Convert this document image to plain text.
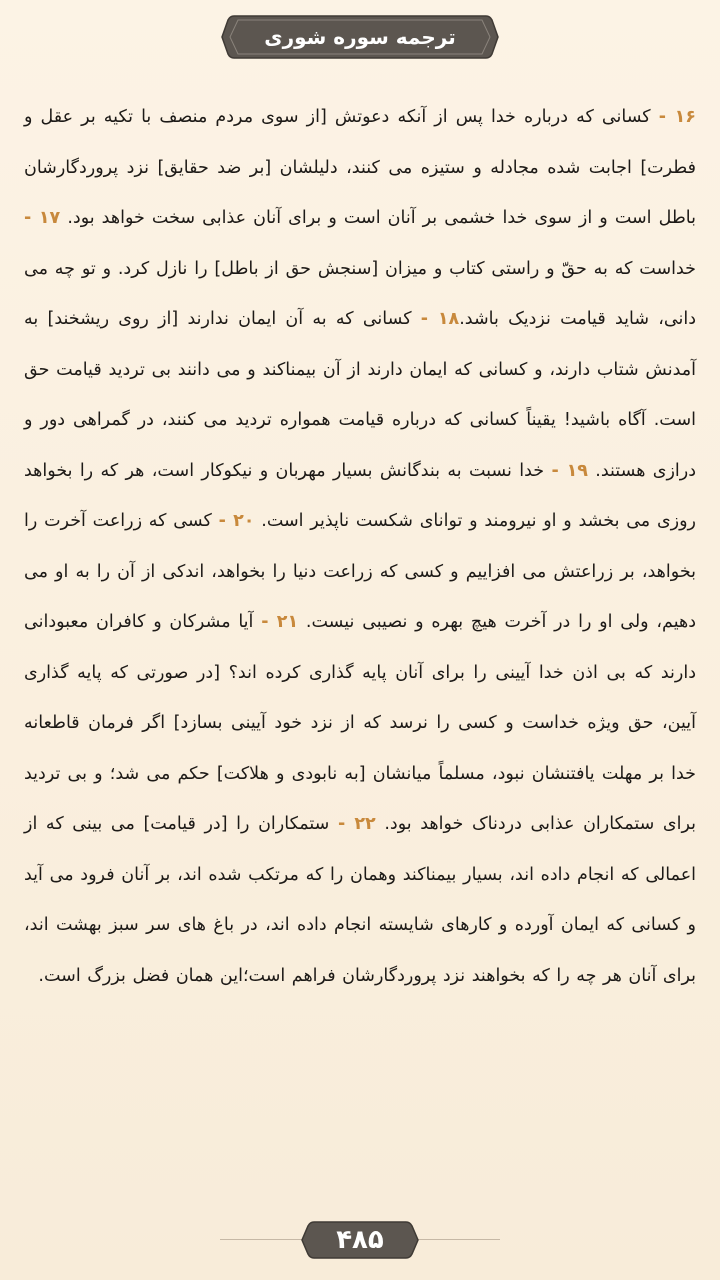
ترجمه سوره شوری
۱۶ - کسانی که درباره خدا پس از آنکه دعوتش [از سوی مردم منصف با تکیه بر عقل و فطرت] اجابت شده مجادله و ستیزه می کنند، دلیلشان [بر ضد حقایق] نزد پروردگارشان باطل است و از سوی خدا خشمی بر آنان است و برای آنان عذابی سخت خواهد بود. ۱۷ - خداست که به حقّ و راستی کتاب و میزان [سنجش حق از باطل] را نازل کرد. و تو چه می دانی، شاید قیامت نزدیک باشد.۱۸ - کسانی که به آن ایمان ندارند [از روی ریشخند] به آمدنش شتاب دارند، و کسانی که ایمان دارند از آن بیمناکند و می دانند بی تردید قیامت حق است. آگاه باشید! یقیناً کسانی که درباره قیامت همواره تردید می کنند، در گمراهی دور و درازی هستند. ۱۹ - خدا نسبت به بندگانش بسیار مهربان و نیکوکار است، هر که را بخواهد روزی می بخشد و او نیرومند و توانای شکست ناپذیر است. ۲۰ - کسی که زراعت آخرت را بخواهد، بر زراعتش می افزاییم و کسی که زراعت دنیا را بخواهد، اندکی از آن را به او می دهیم، ولی او را در آخرت هیچ بهره و نصیبی نیست. ۲۱ - آیا مشرکان و کافران معبودانی دارند که بی اذن خدا آیینی را برای آنان پایه گذاری کرده اند؟ [در صورتی که پایه گذاری آیین، حق ویژه خداست و کسی را نرسد که از نزد خود آیینی بسازد] اگر فرمان قاطعانه خدا بر مهلت یافتنشان نبود، مسلماً میانشان [به نابودی و هلاکت] حکم می شد؛ و بی تردید برای ستمکاران عذابی دردناک خواهد بود. ۲۲ - ستمکاران را [در قیامت] می بینی که از اعمالی که انجام داده اند، بسیار بیمناکند وهمان را که مرتکب شده اند، بر آنان فرود می آید و کسانی که ایمان آورده و کارهای شایسته انجام داده اند، در باغ های سر سبز بهشت اند، برای آنان هر چه را که بخواهند نزد پروردگارشان فراهم است؛این همان فضل بزرگ است.
۴۸۵
